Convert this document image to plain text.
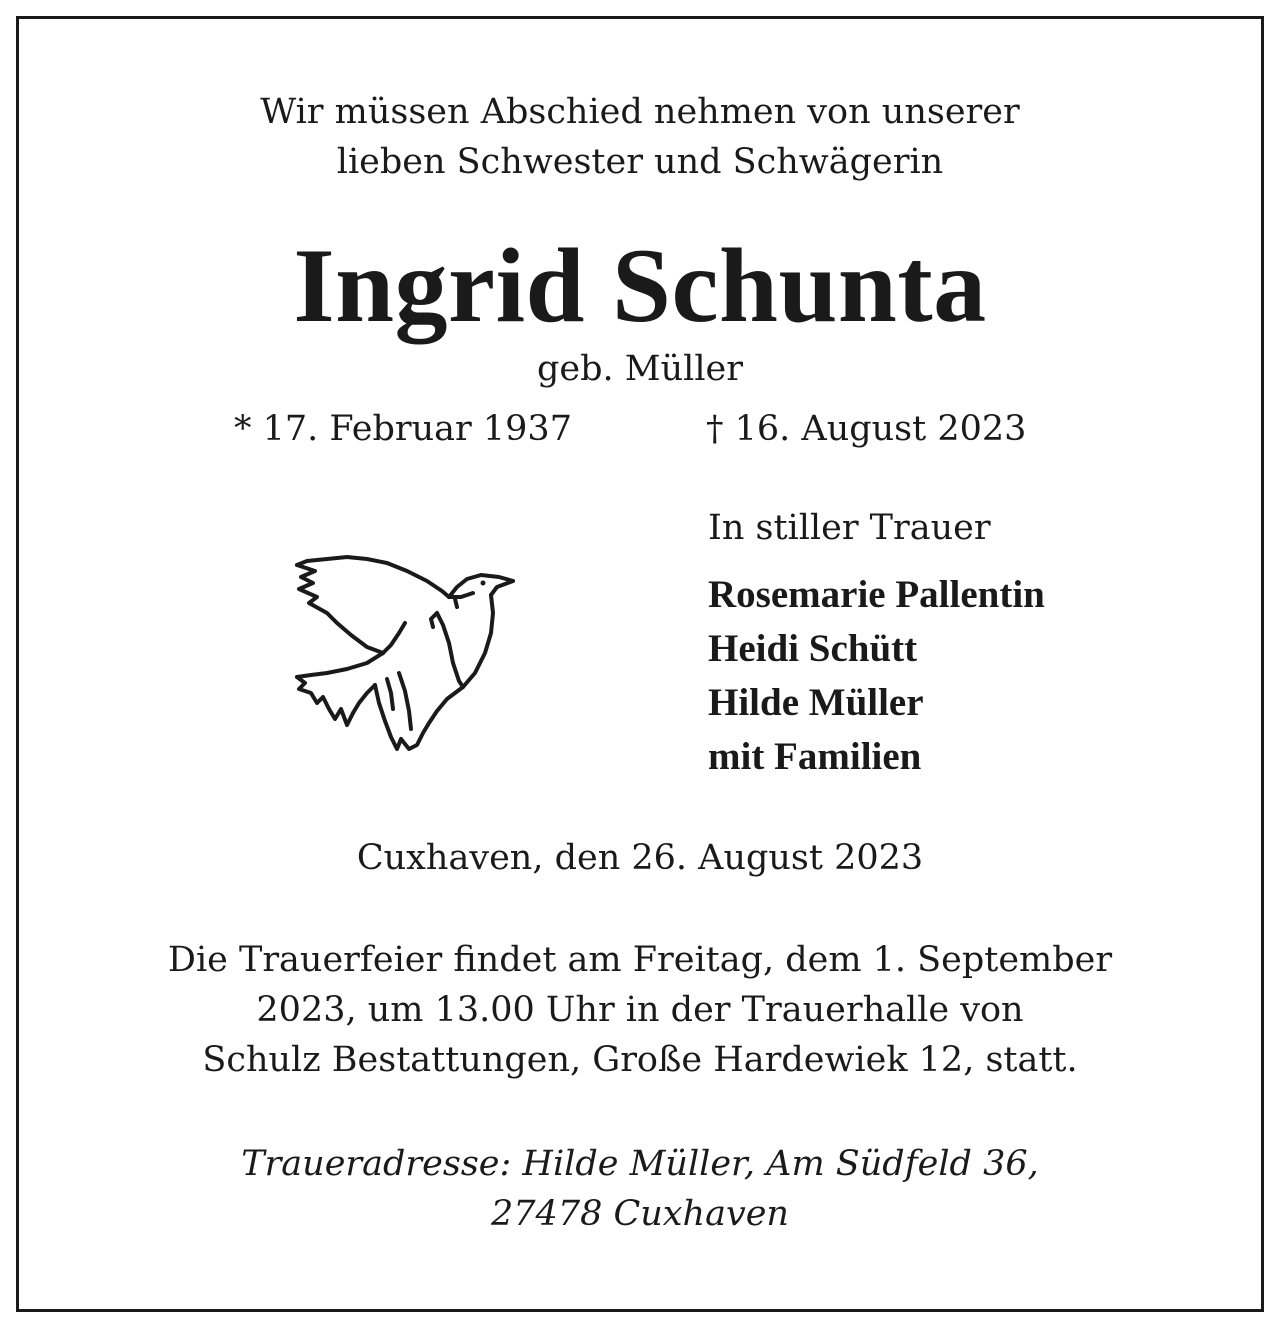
Wir müssen Abschied nehmen von unserer
lieben Schwester und Schwägerin
Ingrid Schunta
geb. Müller
* 17. Februar 1937	† 16. August 2023
In stiller Trauer
Rosemarie Pallentin
Heidi Schütt
Hilde Müller
mit Familien
Cuxhaven, den 26. August 2023
Die Trauerfeier findet am Freitag, dem 1. September
2023, um 13.00 Uhr in der Trauerhalle von
Schulz Bestattungen, Große Hardewiek 12, statt.
Traueradresse: Hilde Müller, Am Südfeld 36,
27478 Cuxhaven
